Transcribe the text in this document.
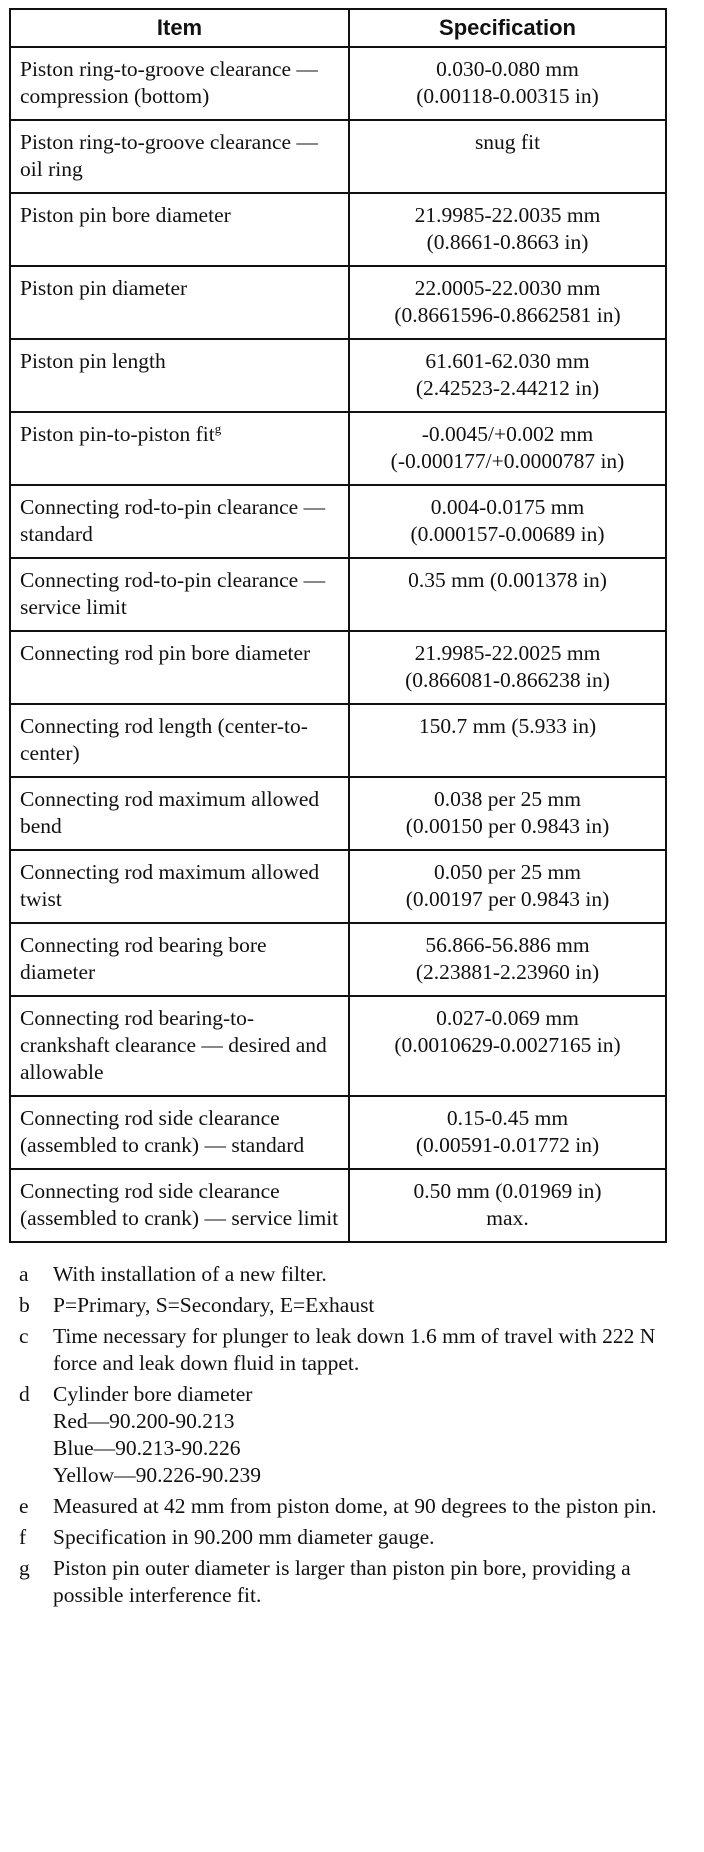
Item	Specification
Piston ring-to-groove clearance — compression (bottom)	0.030-0.080 mm
(0.00118-0.00315 in)

Piston ring-to-groove clearance — oil ring	snug fit

Piston pin bore diameter	21.9985-22.0035 mm
(0.8661-0.8663 in)

Piston pin diameter	22.0005-22.0030 mm
(0.8661596-0.8662581 in)

Piston pin length	61.601-62.030 mm
(2.42523-2.44212 in)

Piston pin-to-piston fit$^g$	-0.0045/+0.002 mm
(-0.000177/+0.0000787 in)

Connecting rod-to-pin clearance — standard	0.004-0.0175 mm
(0.000157-0.00689 in)

Connecting rod-to-pin clearance — service limit	0.35 mm (0.001378 in)

Connecting rod pin bore diameter	21.9985-22.0025 mm
(0.866081-0.866238 in)

Connecting rod length (center-to-center)	150.7 mm (5.933 in)

Connecting rod maximum allowed bend	0.038 per 25 mm
(0.00150 per 0.9843 in)

Connecting rod maximum allowed twist	0.050 per 25 mm
(0.00197 per 0.9843 in)

Connecting rod bearing bore diameter	56.866-56.886 mm
(2.23881-2.23960 in)

Connecting rod bearing-to-crankshaft clearance — desired and allowable	0.027-0.069 mm
(0.0010629-0.0027165 in)

Connecting rod side clearance (assembled to crank) — standard	0.15-0.45 mm
(0.00591-0.01772 in)

Connecting rod side clearance (assembled to crank) — service limit	0.50 mm (0.01969 in)
max.
a	With installation of a new filter.
b	P=Primary, S=Secondary, E=Exhaust
c	Time necessary for plunger to leak down 1.6 mm of travel with 222 N force and leak down fluid in tappet.
d	Cylinder bore diameter
Red—90.200-90.213
Blue—90.213-90.226
Yellow—90.226-90.239
e	Measured at 42 mm from piston dome, at 90 degrees to the piston pin.
f	Specification in 90.200 mm diameter gauge.
g	Piston pin outer diameter is larger than piston pin bore, providing a possible interference fit.
